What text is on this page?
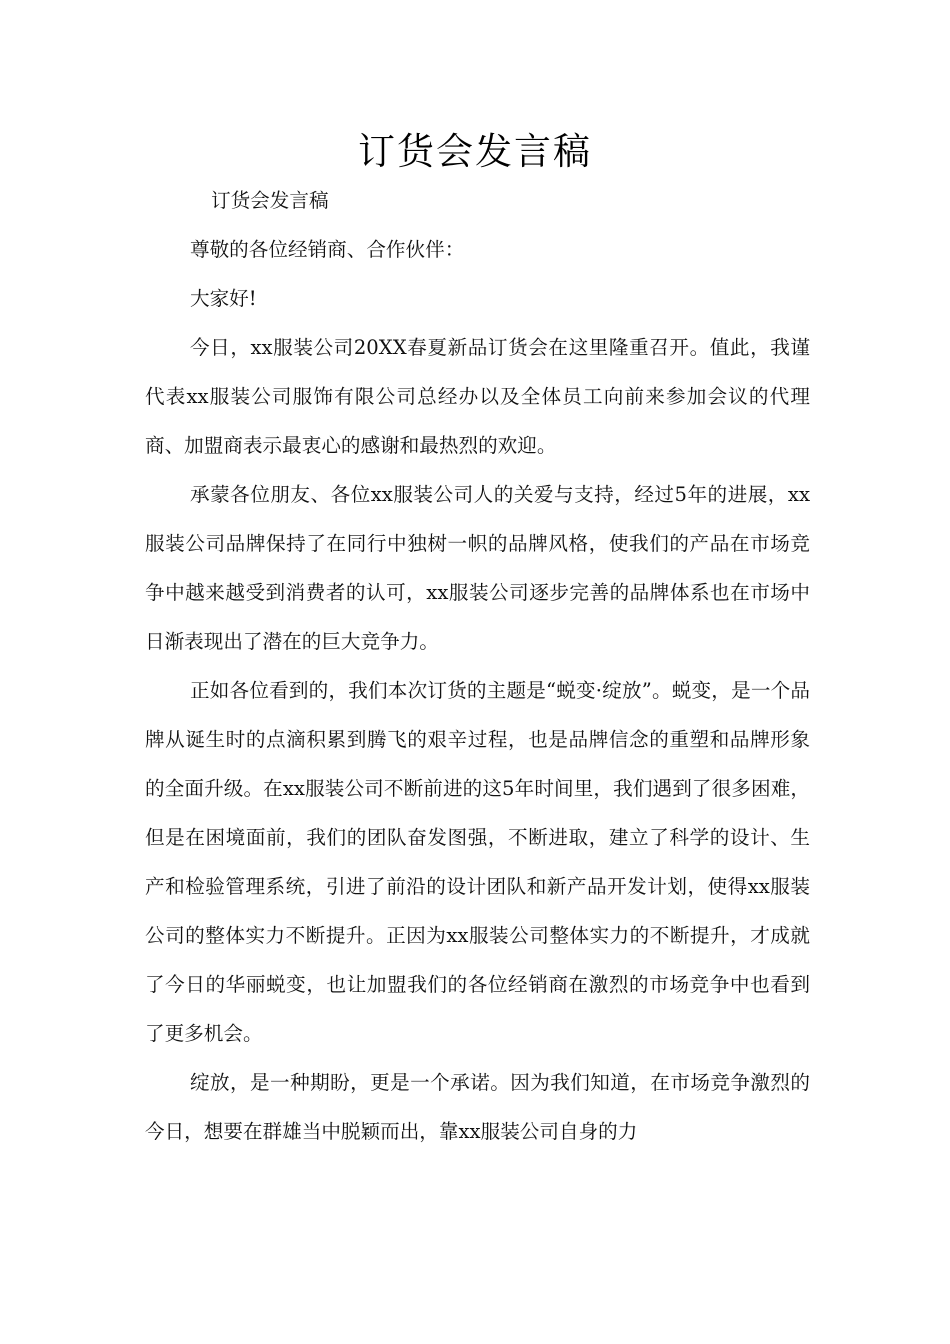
订货会发言稿

订货会发言稿

尊敬的各位经销商、合作伙伴：

大家好!

今日，xx服装公司20XX春夏新品订货会在这里隆重召开。值此，我谨代表xx服装公司服饰有限公司总经办以及全体员工向前来参加会议的代理商、加盟商表示最衷心的感谢和最热烈的欢迎。

承蒙各位朋友、各位xx服装公司人的关爱与支持，经过5年的进展，xx服装公司品牌保持了在同行中独树一帜的品牌风格，使我们的产品在市场竞争中越来越受到消费者的认可，xx服装公司逐步完善的品牌体系也在市场中日渐表现出了潜在的巨大竞争力。

正如各位看到的，我们本次订货的主题是“蜕变·绽放”。蜕变，是一个品牌从诞生时的点滴积累到腾飞的艰辛过程，也是品牌信念的重塑和品牌形象的全面升级。在xx服装公司不断前进的这5年时间里，我们遇到了很多困难，但是在困境面前，我们的团队奋发图强，不断进取，建立了科学的设计、生产和检验管理系统，引进了前沿的设计团队和新产品开发计划，使得xx服装公司的整体实力不断提升。正因为xx服装公司整体实力的不断提升，才成就了今日的华丽蜕变，也让加盟我们的各位经销商在激烈的市场竞争中也看到了更多机会。

绽放，是一种期盼，更是一个承诺。因为我们知道，在市场竞争激烈的今日，想要在群雄当中脱颖而出，靠xx服装公司自身的力
